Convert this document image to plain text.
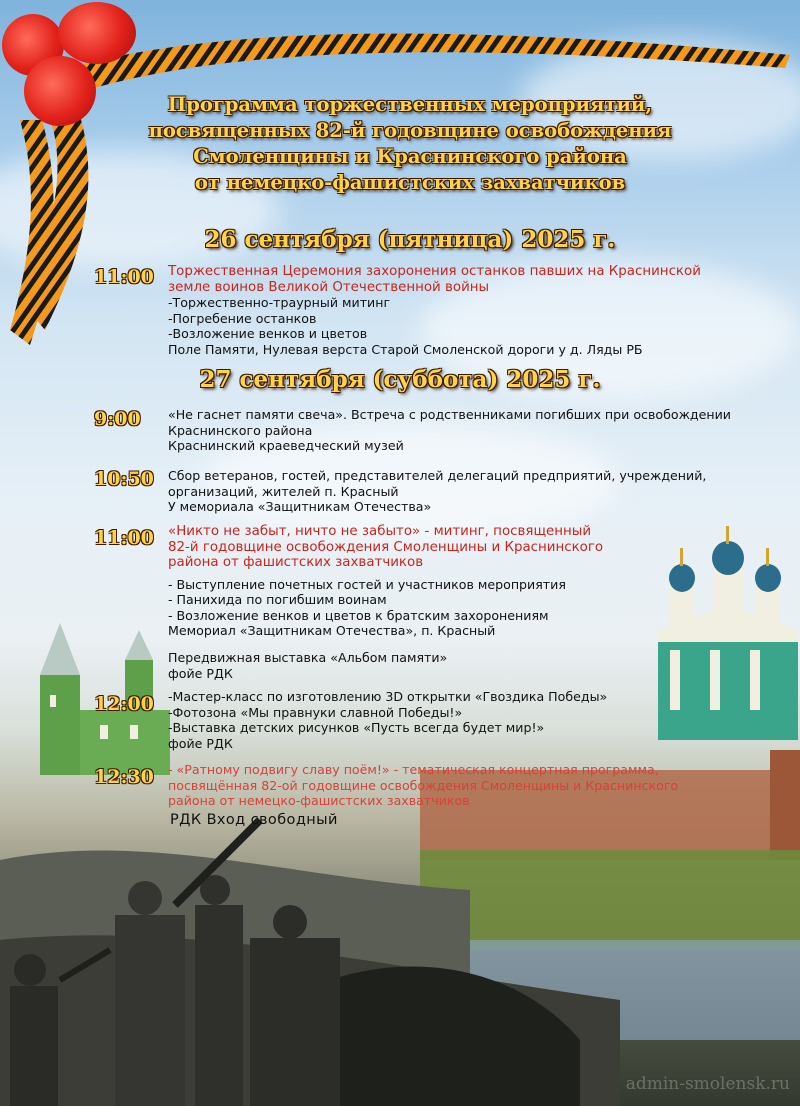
Программа торжественных мероприятий,
посвященных 82-й годовщине освобождения
Смоленщины и Краснинского района
от немецко-фашистских захватчиков
26 сентября (пятница) 2025 г.
11:00 Торжественная Церемония захоронения останков павших на Краснинской
земле воинов Великой Отечественной войны
-Торжественно-траурный митинг
-Погребение останков
-Возложение венков и цветов
Поле Памяти, Нулевая верста Старой Смоленской дороги у д. Ляды РБ
27 сентября (суббота) 2025 г.
9:00 «Не гаснет памяти свеча». Встреча с родственниками погибших при освобождении
Краснинского района
Краснинский краеведческий музей
10:50 Сбор ветеранов, гостей, представителей делегаций предприятий, учреждений,
организаций, жителей п. Красный
У мемориала «Защитникам Отечества»
11:00 «Никто не забыт, ничто не забыто» - митинг, посвященный
82-й годовщине освобождения Смоленщины и Краснинского
района от фашистских захватчиков
- Выступление почетных гостей и участников мероприятия
- Панихида по погибшим воинам
- Возложение венков и цветов к братским захоронениям
Мемориал «Защитникам Отечества», п. Красный
Передвижная выставка «Альбом памяти»
фойе РДК
12:00 -Мастер-класс по изготовлению 3D открытки «Гвоздика Победы»
-Фотозона «Мы правнуки славной Победы!»
-Выставка детских рисунков «Пусть всегда будет мир!»
фойе РДК
12:30 - «Ратному подвигу славу поём!» - тематическая концертная программа,
посвящённая 82-ой годовщине освобождения Смоленщины и Краснинского
района от немецко-фашистских захватчиков
РДК Вход свободный
admin-smolensk.ru
